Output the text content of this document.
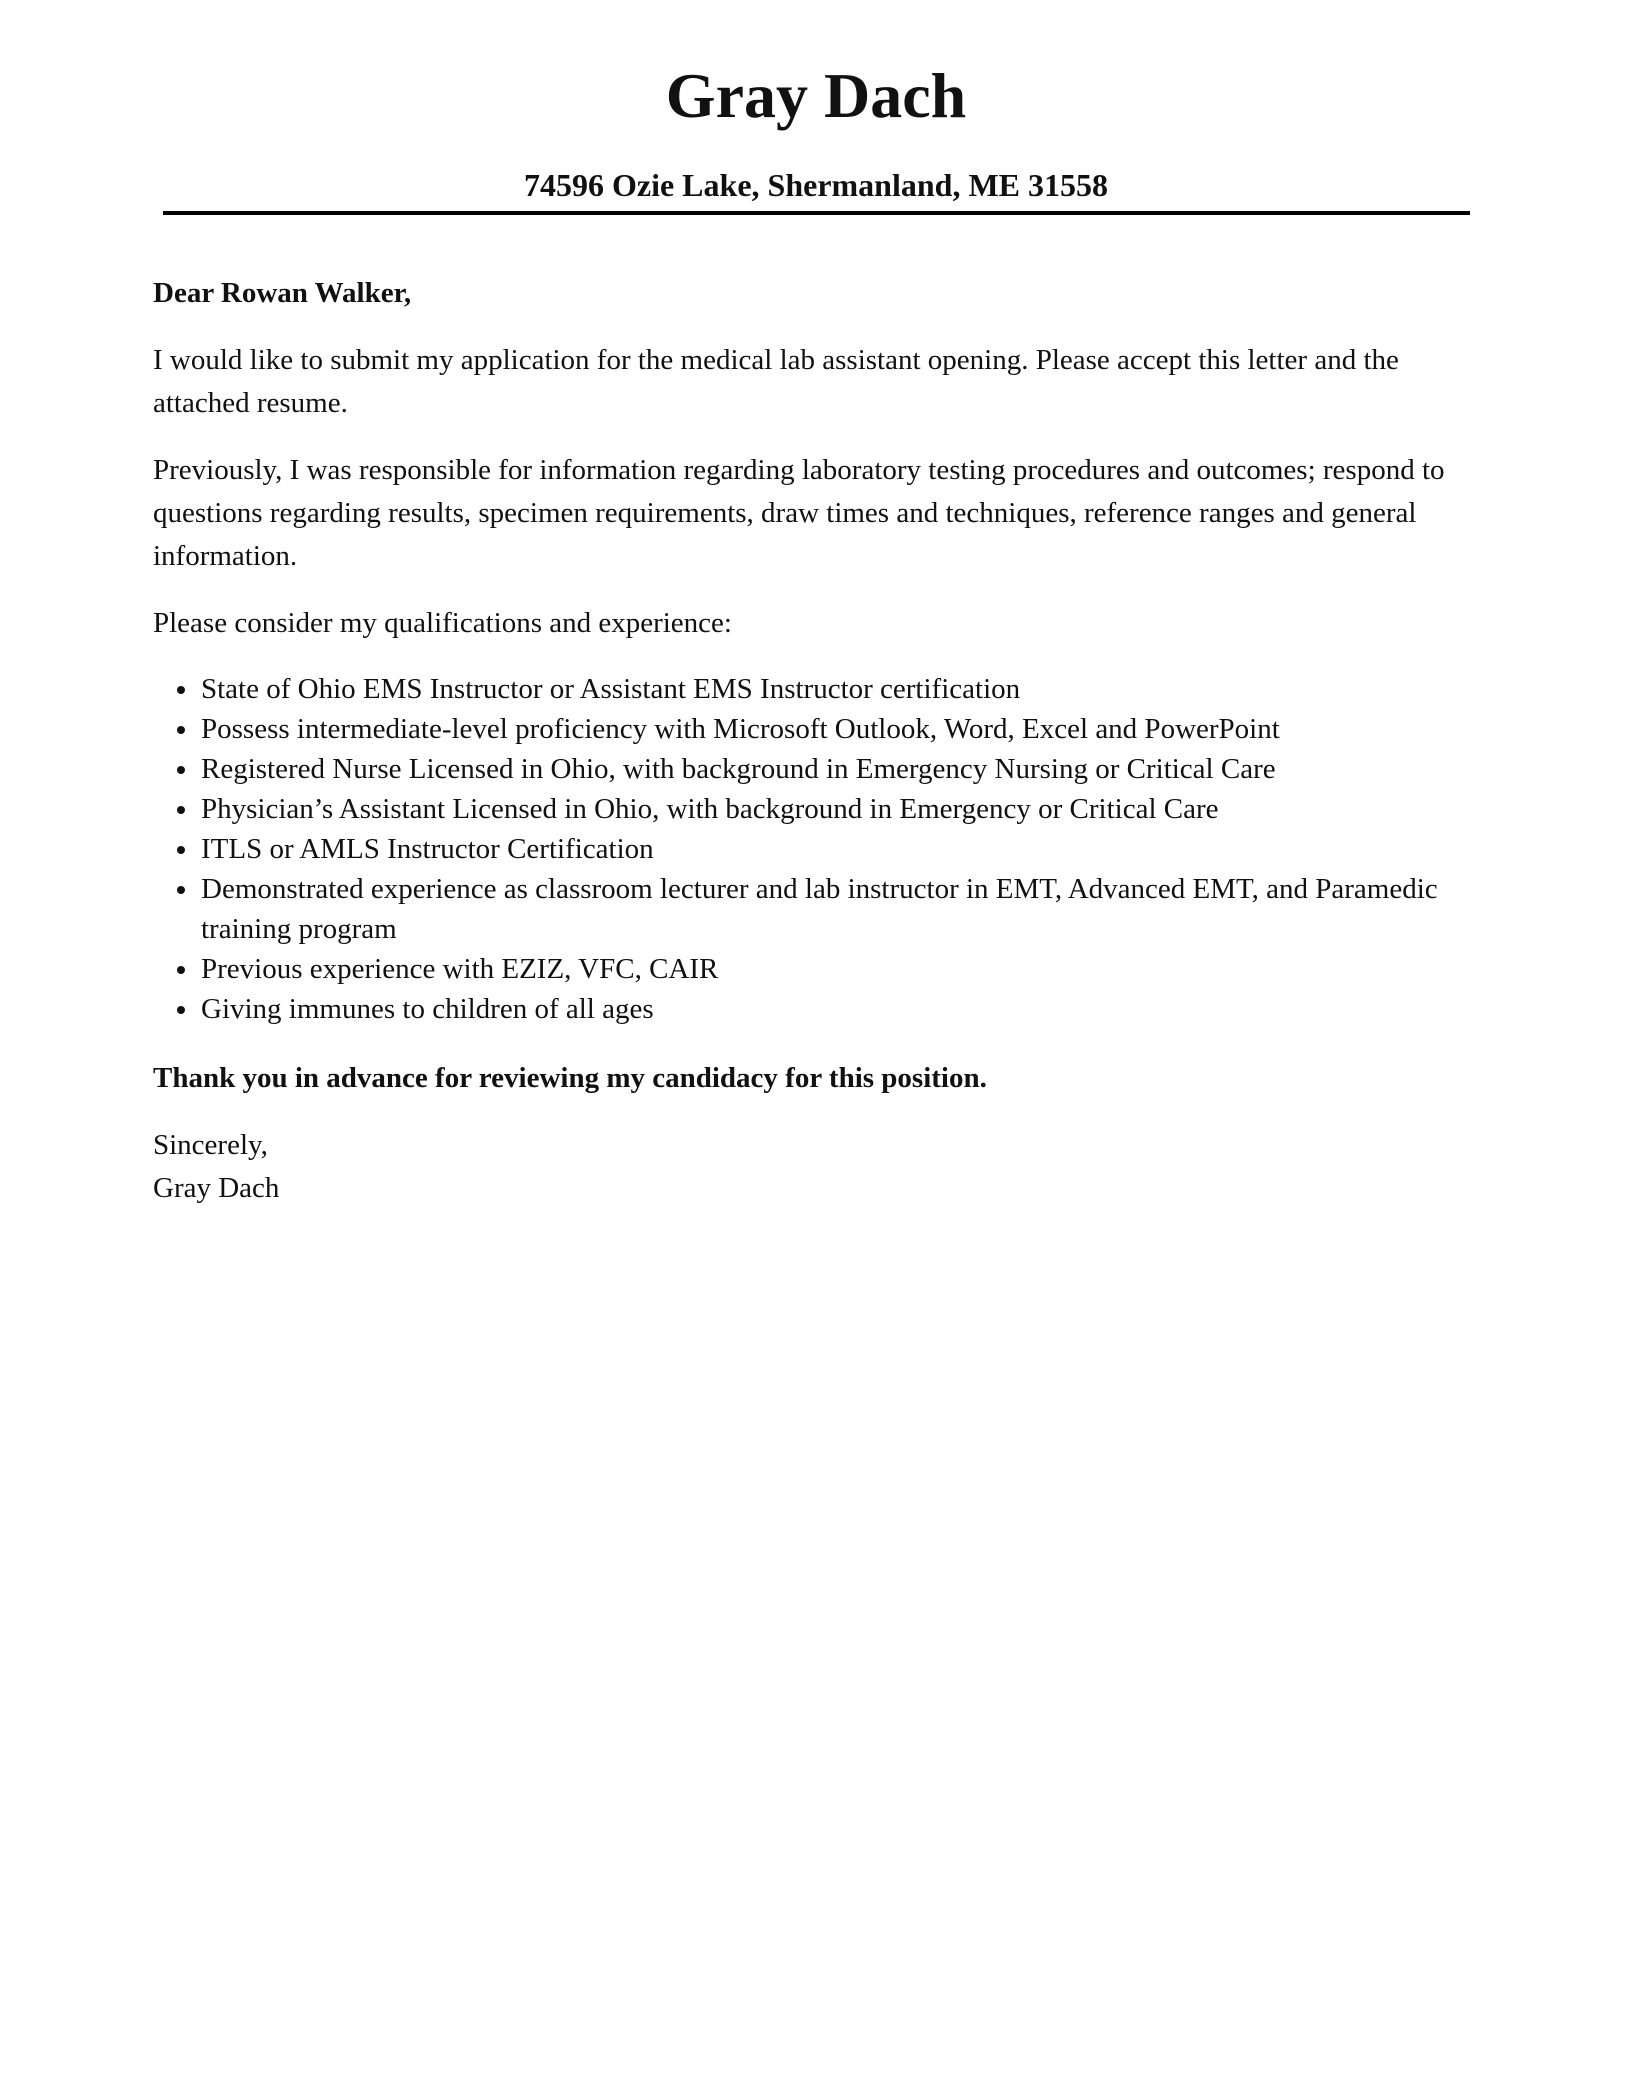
Gray Dach
74596 Ozie Lake, Shermanland, ME 31558

Dear Rowan Walker,

I would like to submit my application for the medical lab assistant opening. Please accept this letter and the attached resume.

Previously, I was responsible for information regarding laboratory testing procedures and outcomes; respond to questions regarding results, specimen requirements, draw times and techniques, reference ranges and general information.

Please consider my qualifications and experience:

State of Ohio EMS Instructor or Assistant EMS Instructor certification
Possess intermediate-level proficiency with Microsoft Outlook, Word, Excel and PowerPoint
Registered Nurse Licensed in Ohio, with background in Emergency Nursing or Critical Care
Physician’s Assistant Licensed in Ohio, with background in Emergency or Critical Care
ITLS or AMLS Instructor Certification
Demonstrated experience as classroom lecturer and lab instructor in EMT, Advanced EMT, and Paramedic training program
Previous experience with EZIZ, VFC, CAIR
Giving immunes to children of all ages

Thank you in advance for reviewing my candidacy for this position.

Sincerely,

Gray Dach
